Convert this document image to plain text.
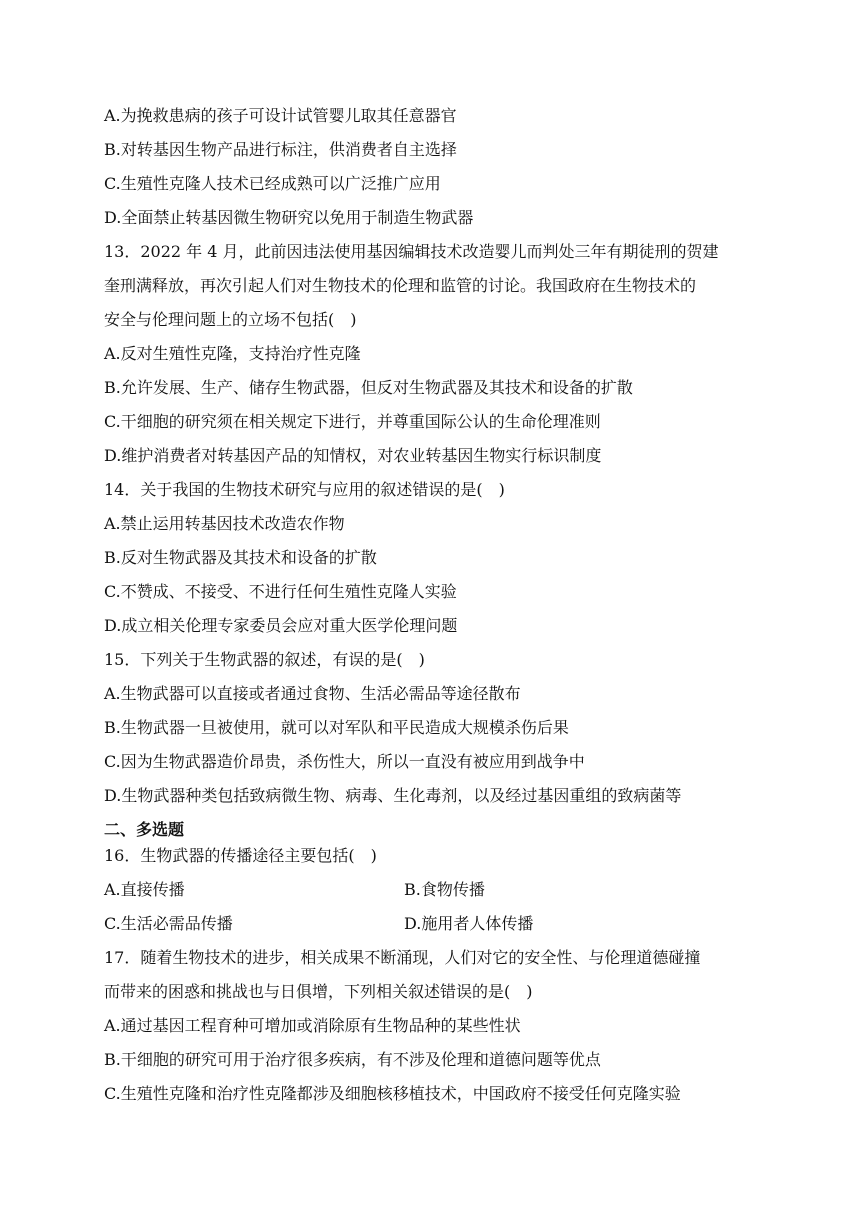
A.为挽救患病的孩子可设计试管婴儿取其任意器官
B.对转基因生物产品进行标注，供消费者自主选择
C.生殖性克隆人技术已经成熟可以广泛推广应用
D.全面禁止转基因微生物研究以免用于制造生物武器
13．2022 年 4 月，此前因违法使用基因编辑技术改造婴儿而判处三年有期徒刑的贺建
奎刑满释放，再次引起人们对生物技术的伦理和监管的讨论。我国政府在生物技术的
安全与伦理问题上的立场不包括(　)
A.反对生殖性克隆，支持治疗性克隆
B.允许发展、生产、储存生物武器，但反对生物武器及其技术和设备的扩散
C.干细胞的研究须在相关规定下进行，并尊重国际公认的生命伦理准则
D.维护消费者对转基因产品的知情权，对农业转基因生物实行标识制度
14．关于我国的生物技术研究与应用的叙述错误的是(　)
A.禁止运用转基因技术改造农作物
B.反对生物武器及其技术和设备的扩散
C.不赞成、不接受、不进行任何生殖性克隆人实验
D.成立相关伦理专家委员会应对重大医学伦理问题
15．下列关于生物武器的叙述，有误的是(　)
A.生物武器可以直接或者通过食物、生活必需品等途径散布
B.生物武器一旦被使用，就可以对军队和平民造成大规模杀伤后果
C.因为生物武器造价昂贵，杀伤性大，所以一直没有被应用到战争中
D.生物武器种类包括致病微生物、病毒、生化毒剂，以及经过基因重组的致病菌等
二、多选题
16．生物武器的传播途径主要包括(　)
A.直接传播	B.食物传播
C.生活必需品传播	D.施用者人体传播
17．随着生物技术的进步，相关成果不断涌现，人们对它的安全性、与伦理道德碰撞
而带来的困惑和挑战也与日俱增，下列相关叙述错误的是(　)
A.通过基因工程育种可增加或消除原有生物品种的某些性状
B.干细胞的研究可用于治疗很多疾病，有不涉及伦理和道德问题等优点
C.生殖性克隆和治疗性克隆都涉及细胞核移植技术，中国政府不接受任何克隆实验
